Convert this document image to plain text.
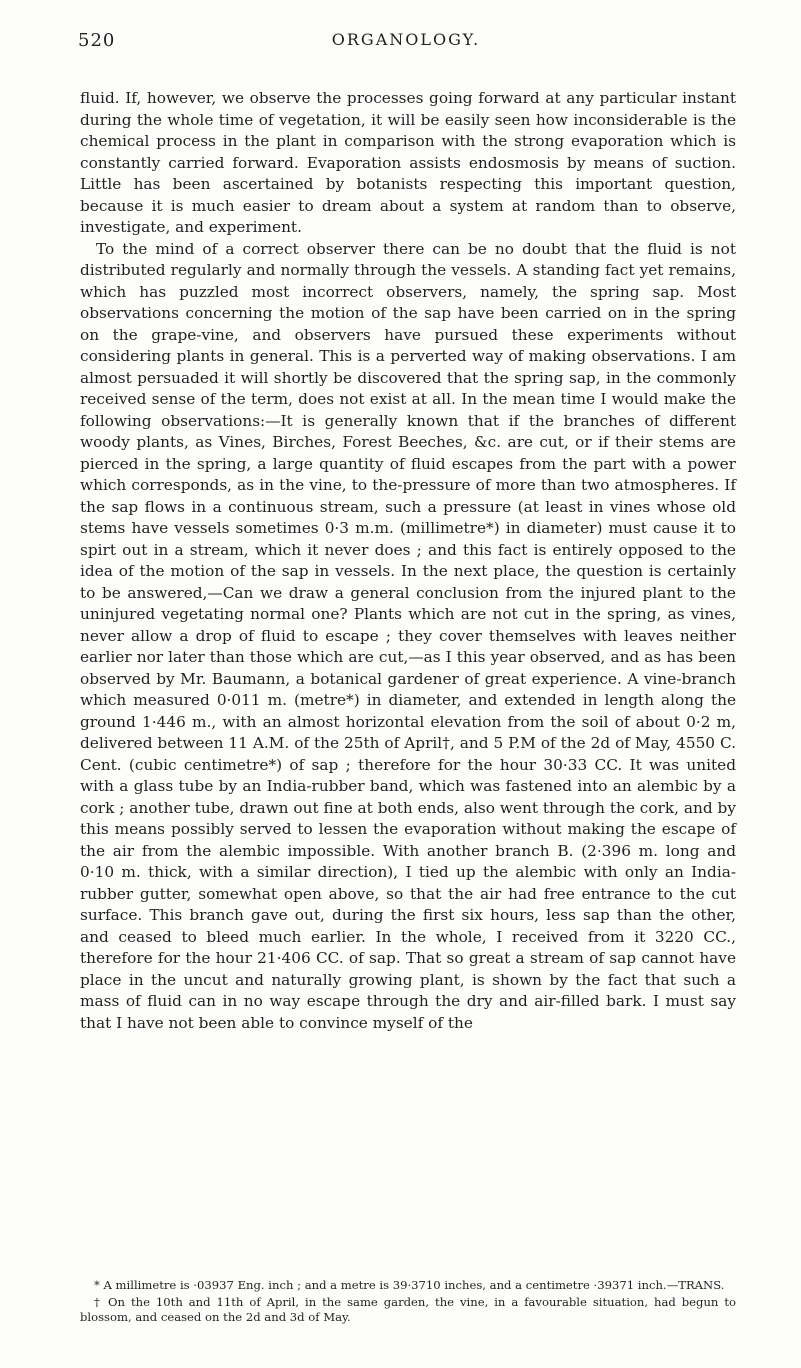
520	ORGANOLOGY.

fluid. If, however, we observe the processes going forward at any particular instant during the whole time of vegetation, it will be easily seen how inconsiderable is the chemical process in the plant in comparison with the strong evaporation which is constantly carried forward. Evaporation assists endosmosis by means of suction. Little has been ascertained by botanists respecting this important question, because it is much easier to dream about a system at random than to observe, investigate, and experiment.

To the mind of a correct observer there can be no doubt that the fluid is not distributed regularly and normally through the vessels. A standing fact yet remains, which has puzzled most incorrect observers, namely, the spring sap. Most observations concerning the motion of the sap have been carried on in the spring on the grape-vine, and observers have pursued these experiments without considering plants in general. This is a perverted way of making observations. I am almost persuaded it will shortly be discovered that the spring sap, in the commonly received sense of the term, does not exist at all. In the mean time I would make the following observations:—It is generally known that if the branches of different woody plants, as Vines, Birches, Forest Beeches, &c. are cut, or if their stems are pierced in the spring, a large quantity of fluid escapes from the part with a power which corresponds, as in the vine, to the-pressure of more than two atmospheres. If the sap flows in a continuous stream, such a pressure (at least in vines whose old stems have vessels sometimes 0·3 m.m. (millimetre*) in diameter) must cause it to spirt out in a stream, which it never does ; and this fact is entirely opposed to the idea of the motion of the sap in vessels. In the next place, the question is certainly to be answered,—Can we draw a general conclusion from the injured plant to the uninjured vegetating normal one? Plants which are not cut in the spring, as vines, never allow a drop of fluid to escape ; they cover themselves with leaves neither earlier nor later than those which are cut,—as I this year observed, and as has been observed by Mr. Baumann, a botanical gardener of great experience. A vine-branch which measured 0·011 m. (metre*) in diameter, and extended in length along the ground 1·446 m., with an almost horizontal elevation from the soil of about 0·2 m, delivered between 11 A.M. of the 25th of April†, and 5 P.M of the 2d of May, 4550 C. Cent. (cubic centimetre*) of sap ; therefore for the hour 30·33 CC. It was united with a glass tube by an India-rubber band, which was fastened into an alembic by a cork ; another tube, drawn out fine at both ends, also went through the cork, and by this means possibly served to lessen the evaporation without making the escape of the air from the alembic impossible. With another branch B. (2·396 m. long and 0·10 m. thick, with a similar direction), I tied up the alembic with only an India-rubber gutter, somewhat open above, so that the air had free entrance to the cut surface. This branch gave out, during the first six hours, less sap than the other, and ceased to bleed much earlier. In the whole, I received from it 3220 CC., therefore for the hour 21·406 CC. of sap. That so great a stream of sap cannot have place in the uncut and naturally growing plant, is shown by the fact that such a mass of fluid can in no way escape through the dry and air-filled bark. I must say that I have not been able to convince myself of the

* A millimetre is ·03937 Eng. inch ; and a metre is 39·3710 inches, and a centimetre ·39371 inch.—TRANS.

† On the 10th and 11th of April, in the same garden, the vine, in a favourable situation, had begun to blossom, and ceased on the 2d and 3d of May.
